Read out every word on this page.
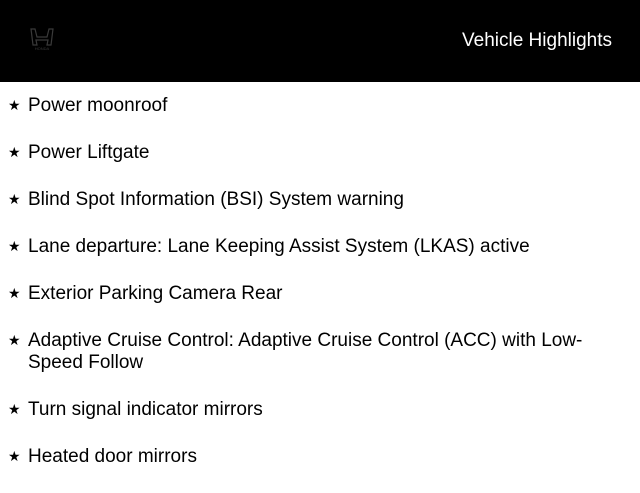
HONDA	Vehicle Highlights
★ Power moonroof
★ Power Liftgate
★ Blind Spot Information (BSI) System warning
★ Lane departure: Lane Keeping Assist System (LKAS) active
★ Exterior Parking Camera Rear
★ Adaptive Cruise Control: Adaptive Cruise Control (ACC) with Low-Speed Follow
★ Turn signal indicator mirrors
★ Heated door mirrors
